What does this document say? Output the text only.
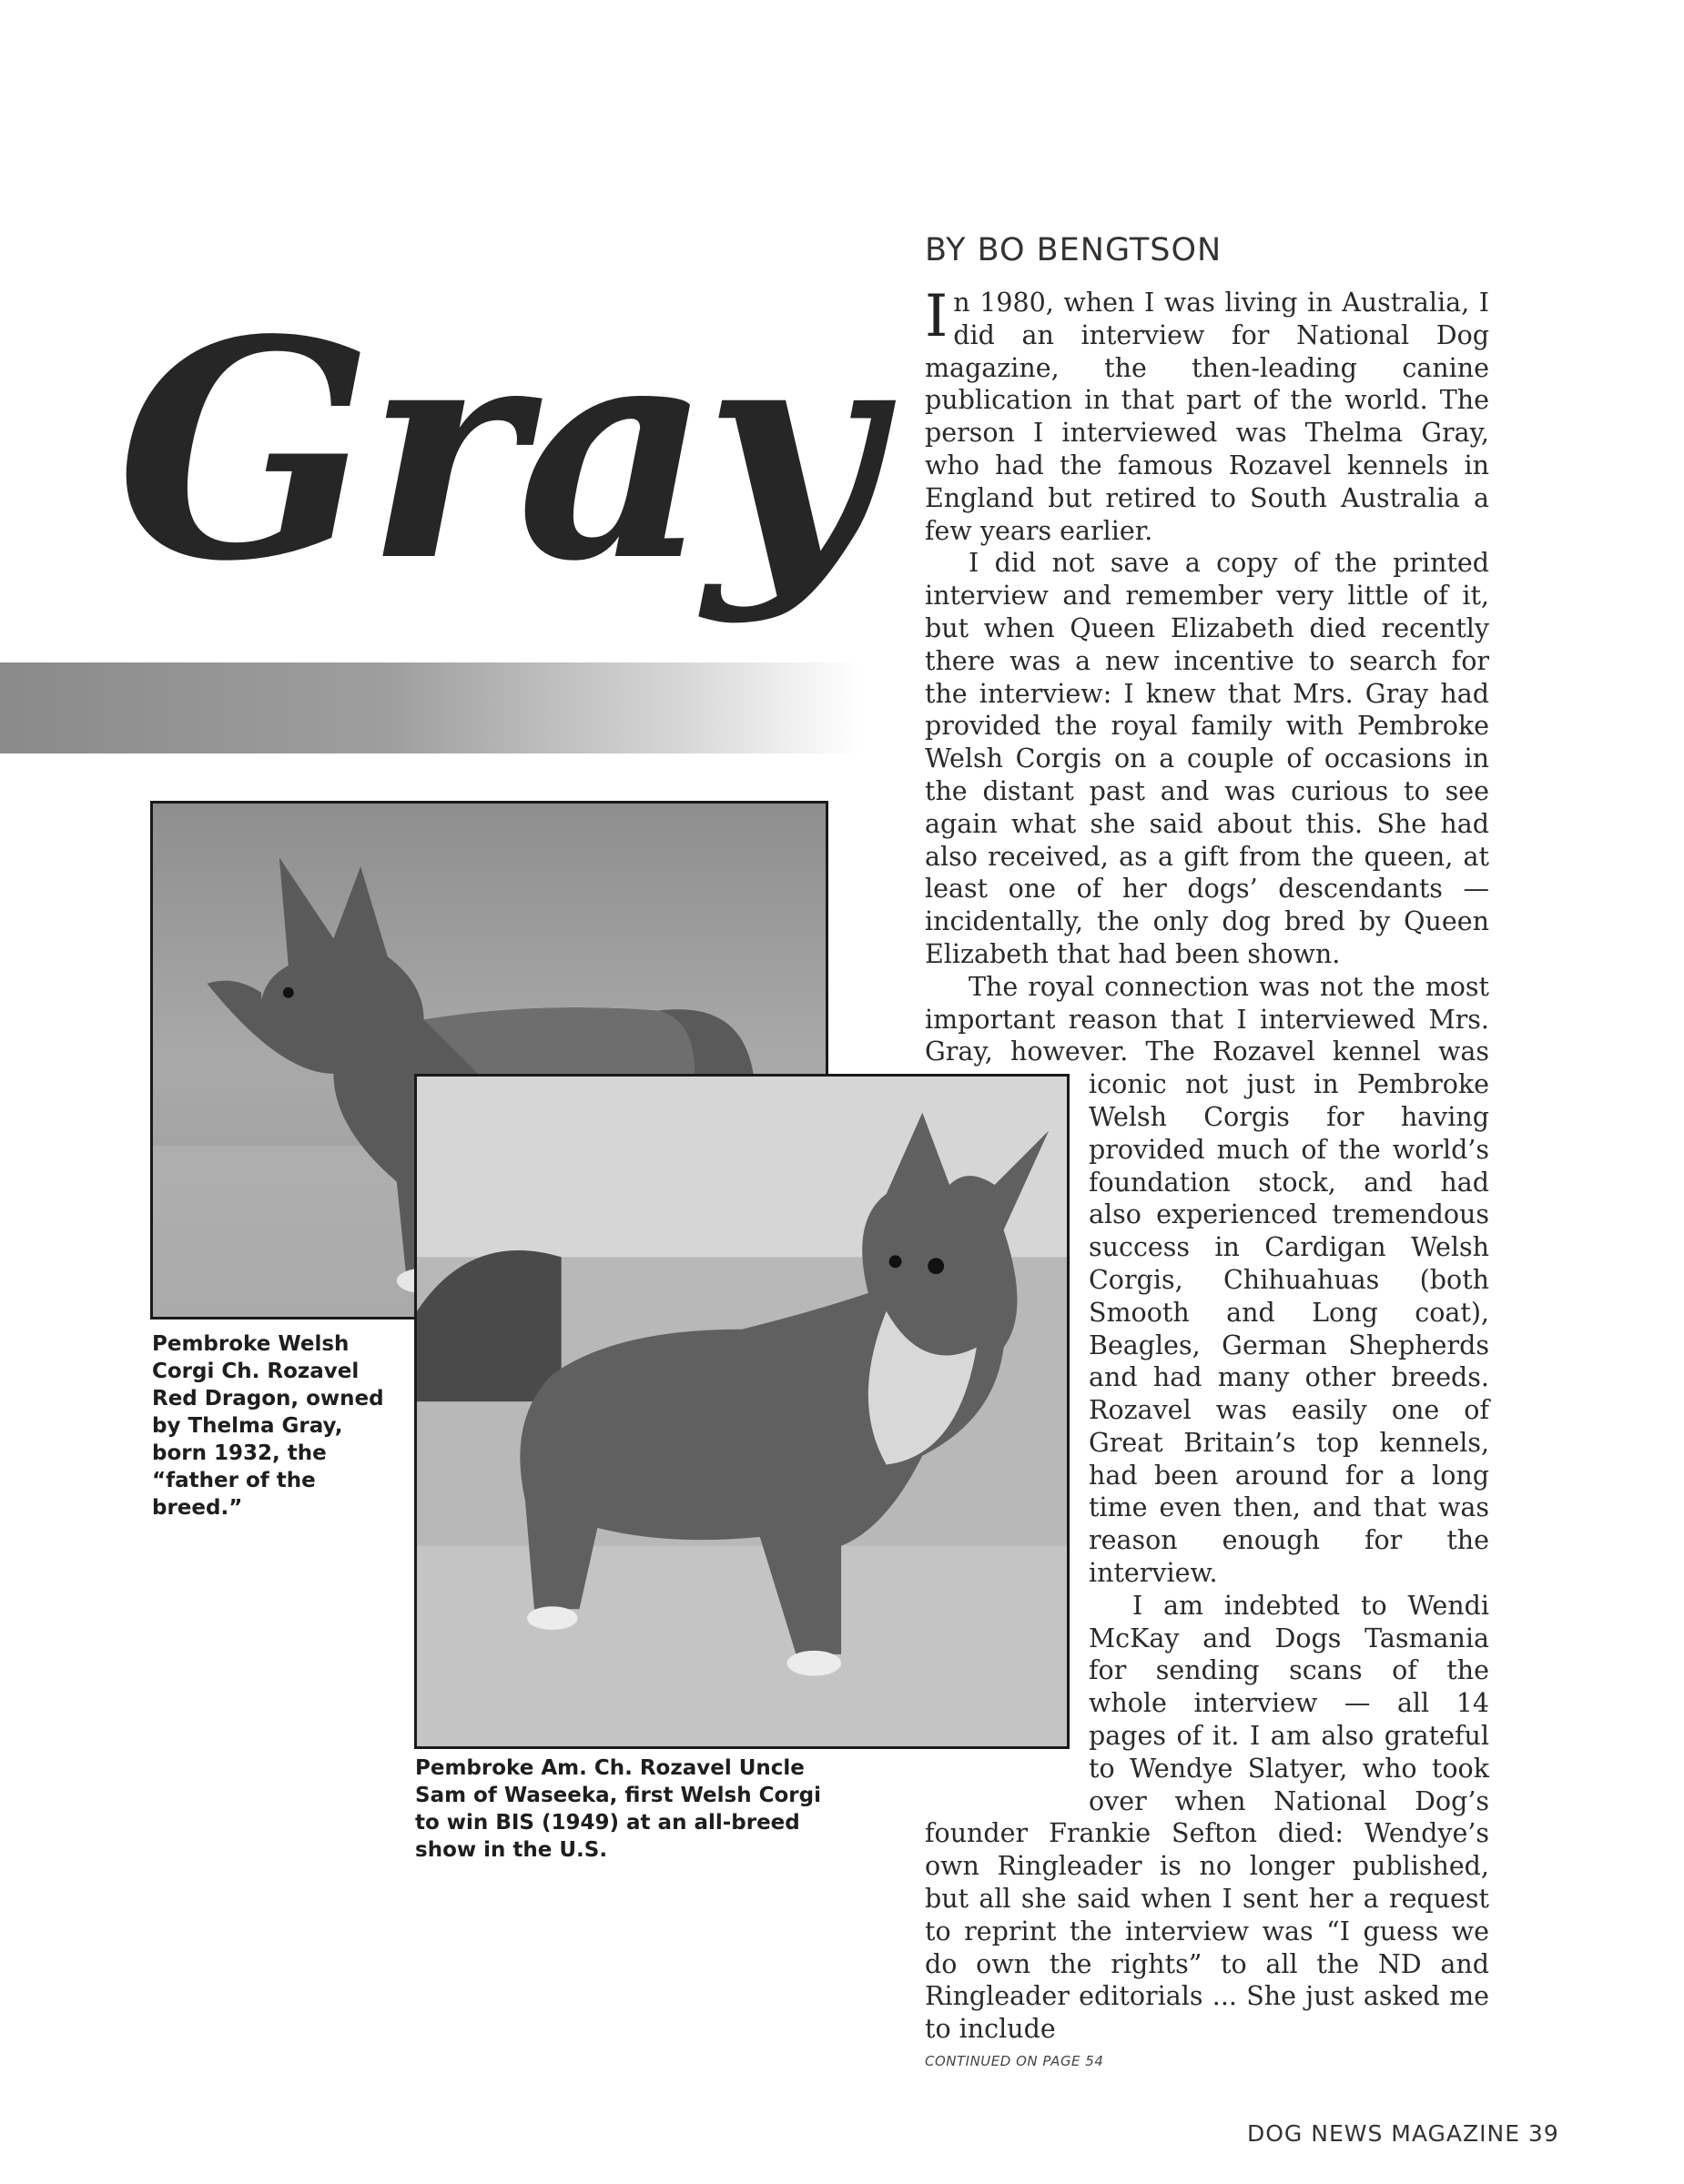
Gray
Pembroke Welsh Corgi Ch. Rozavel Red Dragon, owned by Thelma Gray, born 1932, the “father of the breed.”
Pembroke Am. Ch. Rozavel Uncle Sam of Waseeka, first Welsh Corgi to win BIS (1949) at an all-breed show in the U.S.
BY BO BENGTSON

In 1980, when I was living in Australia, I did an interview for National Dog magazine, the then-leading canine publication in that part of the world. The person I interviewed was Thelma Gray, who had the famous Rozavel kennels in England but retired to South Australia a few years earlier.

I did not save a copy of the printed interview and remember very little of it, but when Queen Elizabeth died recently there was a new incentive to search for the interview: I knew that Mrs. Gray had provided the royal family with Pembroke Welsh Corgis on a couple of occasions in the distant past and was curious to see again what she said about this. She had also received, as a gift from the queen, at least one of her dogs’ descendants — incidentally, the only dog bred by Queen Elizabeth that had been shown.

The royal connection was not the most important reason that I interviewed Mrs. Gray, however. The Rozavel kennel was iconic not just in Pembroke Welsh Corgis for having provided much of the world’s foundation stock, and had also experienced tremendous success in Cardigan Welsh Corgis, Chihuahuas (both Smooth and Long coat), Beagles, German Shepherds and had many other breeds. Rozavel was easily one of Great Britain’s top kennels, had been around for a long time even then, and that was reason enough for the interview.

I am indebted to Wendi McKay and Dogs Tasmania for sending scans of the whole interview — all 14 pages of it. I am also grateful to Wendye Slatyer, who took over when National Dog’s founder Frankie Sefton died: Wendye’s own Ringleader is no longer published, but all she said when I sent her a request to reprint the interview was “I guess we do own the rights” to all the ND and Ringleader editorials ... She just asked me to include

CONTINUED ON PAGE 54
DOG NEWS MAGAZINE 39
